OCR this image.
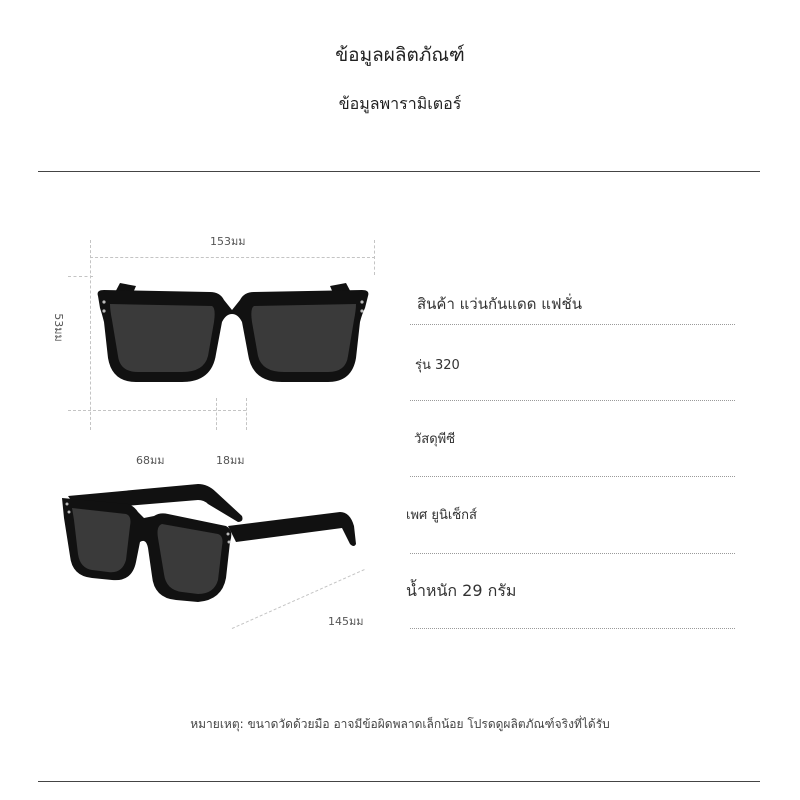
ข้อมูลผลิตภัณฑ์
ข้อมูลพารามิเตอร์
153มม
53มม
68มม	18มม
145มม
สินค้า แว่นกันแดด แฟชั่น
รุ่น 320
วัสดุพีซี
เพศ ยูนิเซ็กส์
น้ำหนัก 29 กรัม
หมายเหตุ: ขนาดวัดด้วยมือ อาจมีข้อผิดพลาดเล็กน้อย โปรดดูผลิตภัณฑ์จริงที่ได้รับ
